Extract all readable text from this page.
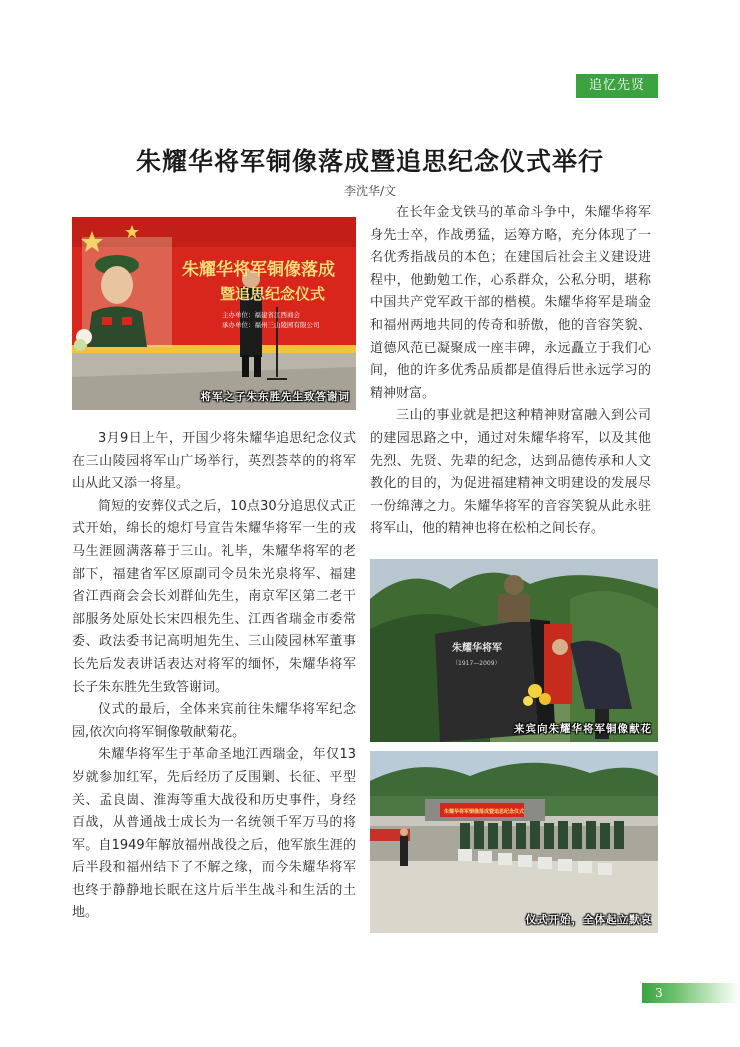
追忆先贤
朱耀华将军铜像落成暨追思纪念仪式举行
李沈华/文
朱耀华将军铜像落成
暨追思纪念仪式
主办单位：福建省江西商会
承办单位：福州三山陵园有限公司
将军之子朱东胜先生致答谢词
朱耀华将军
（1917—2009）
来宾向朱耀华将军铜像献花
朱耀华将军铜像落成暨追思纪念仪式
仪式开始，全体起立默哀

3月9日上午，开国少将朱耀华追思纪念仪式在三山陵园将军山广场举行，英烈荟萃的的将军山从此又添一将星。

简短的安葬仪式之后，10点30分追思仪式正式开始，绵长的熄灯号宣告朱耀华将军一生的戎马生涯圆满落幕于三山。礼毕，朱耀华将军的老部下，福建省军区原副司令员朱光泉将军、福建省江西商会会长刘群仙先生，南京军区第二老干部服务处原处长宋四根先生、江西省瑞金市委常委、政法委书记高明旭先生、三山陵园林军董事长先后发表讲话表达对将军的缅怀，朱耀华将军长子朱东胜先生致答谢词。

仪式的最后，全体来宾前往朱耀华将军纪念园,依次向将军铜像敬献菊花。

朱耀华将军生于革命圣地江西瑞金，年仅13岁就参加红军，先后经历了反围剿、长征、平型关、孟良崮、淮海等重大战役和历史事件，身经百战，从普通战士成长为一名统领千军万马的将军。自1949年解放福州战役之后，他军旅生涯的后半段和福州结下了不解之缘，而今朱耀华将军也终于静静地长眠在这片后半生战斗和生活的土地。

在长年金戈铁马的革命斗争中，朱耀华将军身先士卒，作战勇猛，运筹方略，充分体现了一名优秀指战员的本色；在建国后社会主义建设进程中，他勤勉工作，心系群众，公私分明，堪称中国共产党军政干部的楷模。朱耀华将军是瑞金和福州两地共同的传奇和骄傲，他的音容笑貌、道德风范已凝聚成一座丰碑，永远矗立于我们心间，他的许多优秀品质都是值得后世永远学习的精神财富。

三山的事业就是把这种精神财富融入到公司的建园思路之中，通过对朱耀华将军，以及其他先烈、先贤、先辈的纪念，达到品德传承和人文教化的目的，为促进福建精神文明建设的发展尽一份绵薄之力。朱耀华将军的音容笑貌从此永驻将军山，他的精神也将在松柏之间长存。

3
